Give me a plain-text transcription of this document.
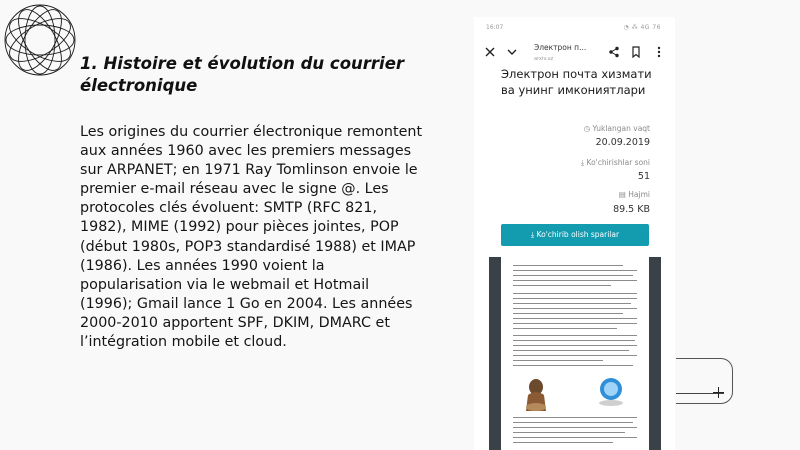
1. Histoire et évolution du courrier électronique
Les origines du courrier électronique remontent aux années 1960 avec les premiers messages sur ARPANET; en 1971 Ray Tomlinson envoie le premier e-mail réseau avec le signe @. Les protocoles clés évoluent: SMTP (RFC 821, 1982), MIME (1992) pour pièces jointes, POP (début 1980s, POP3 standardisé 1988) et IMAP (1986). Les années 1990 voient la popularisation via le webmail et Hotmail (1996); Gmail lance 1 Go en 2004. Les années 2000-2010 apportent SPF, DKIM, DMARC et l’intégration mobile et cloud.
16:07	◔ ⁂ 4G 76
Электрон п...
arxiv.uz
Электрон почта хизмати ва унинг имкониятлари
◷ Yuklangan vaqt
20.09.2019
⤓ Ko'chirishlar soni
51
▤ Hajmi
89.5 KB
⤓ Ko'chirib olish sparilar
